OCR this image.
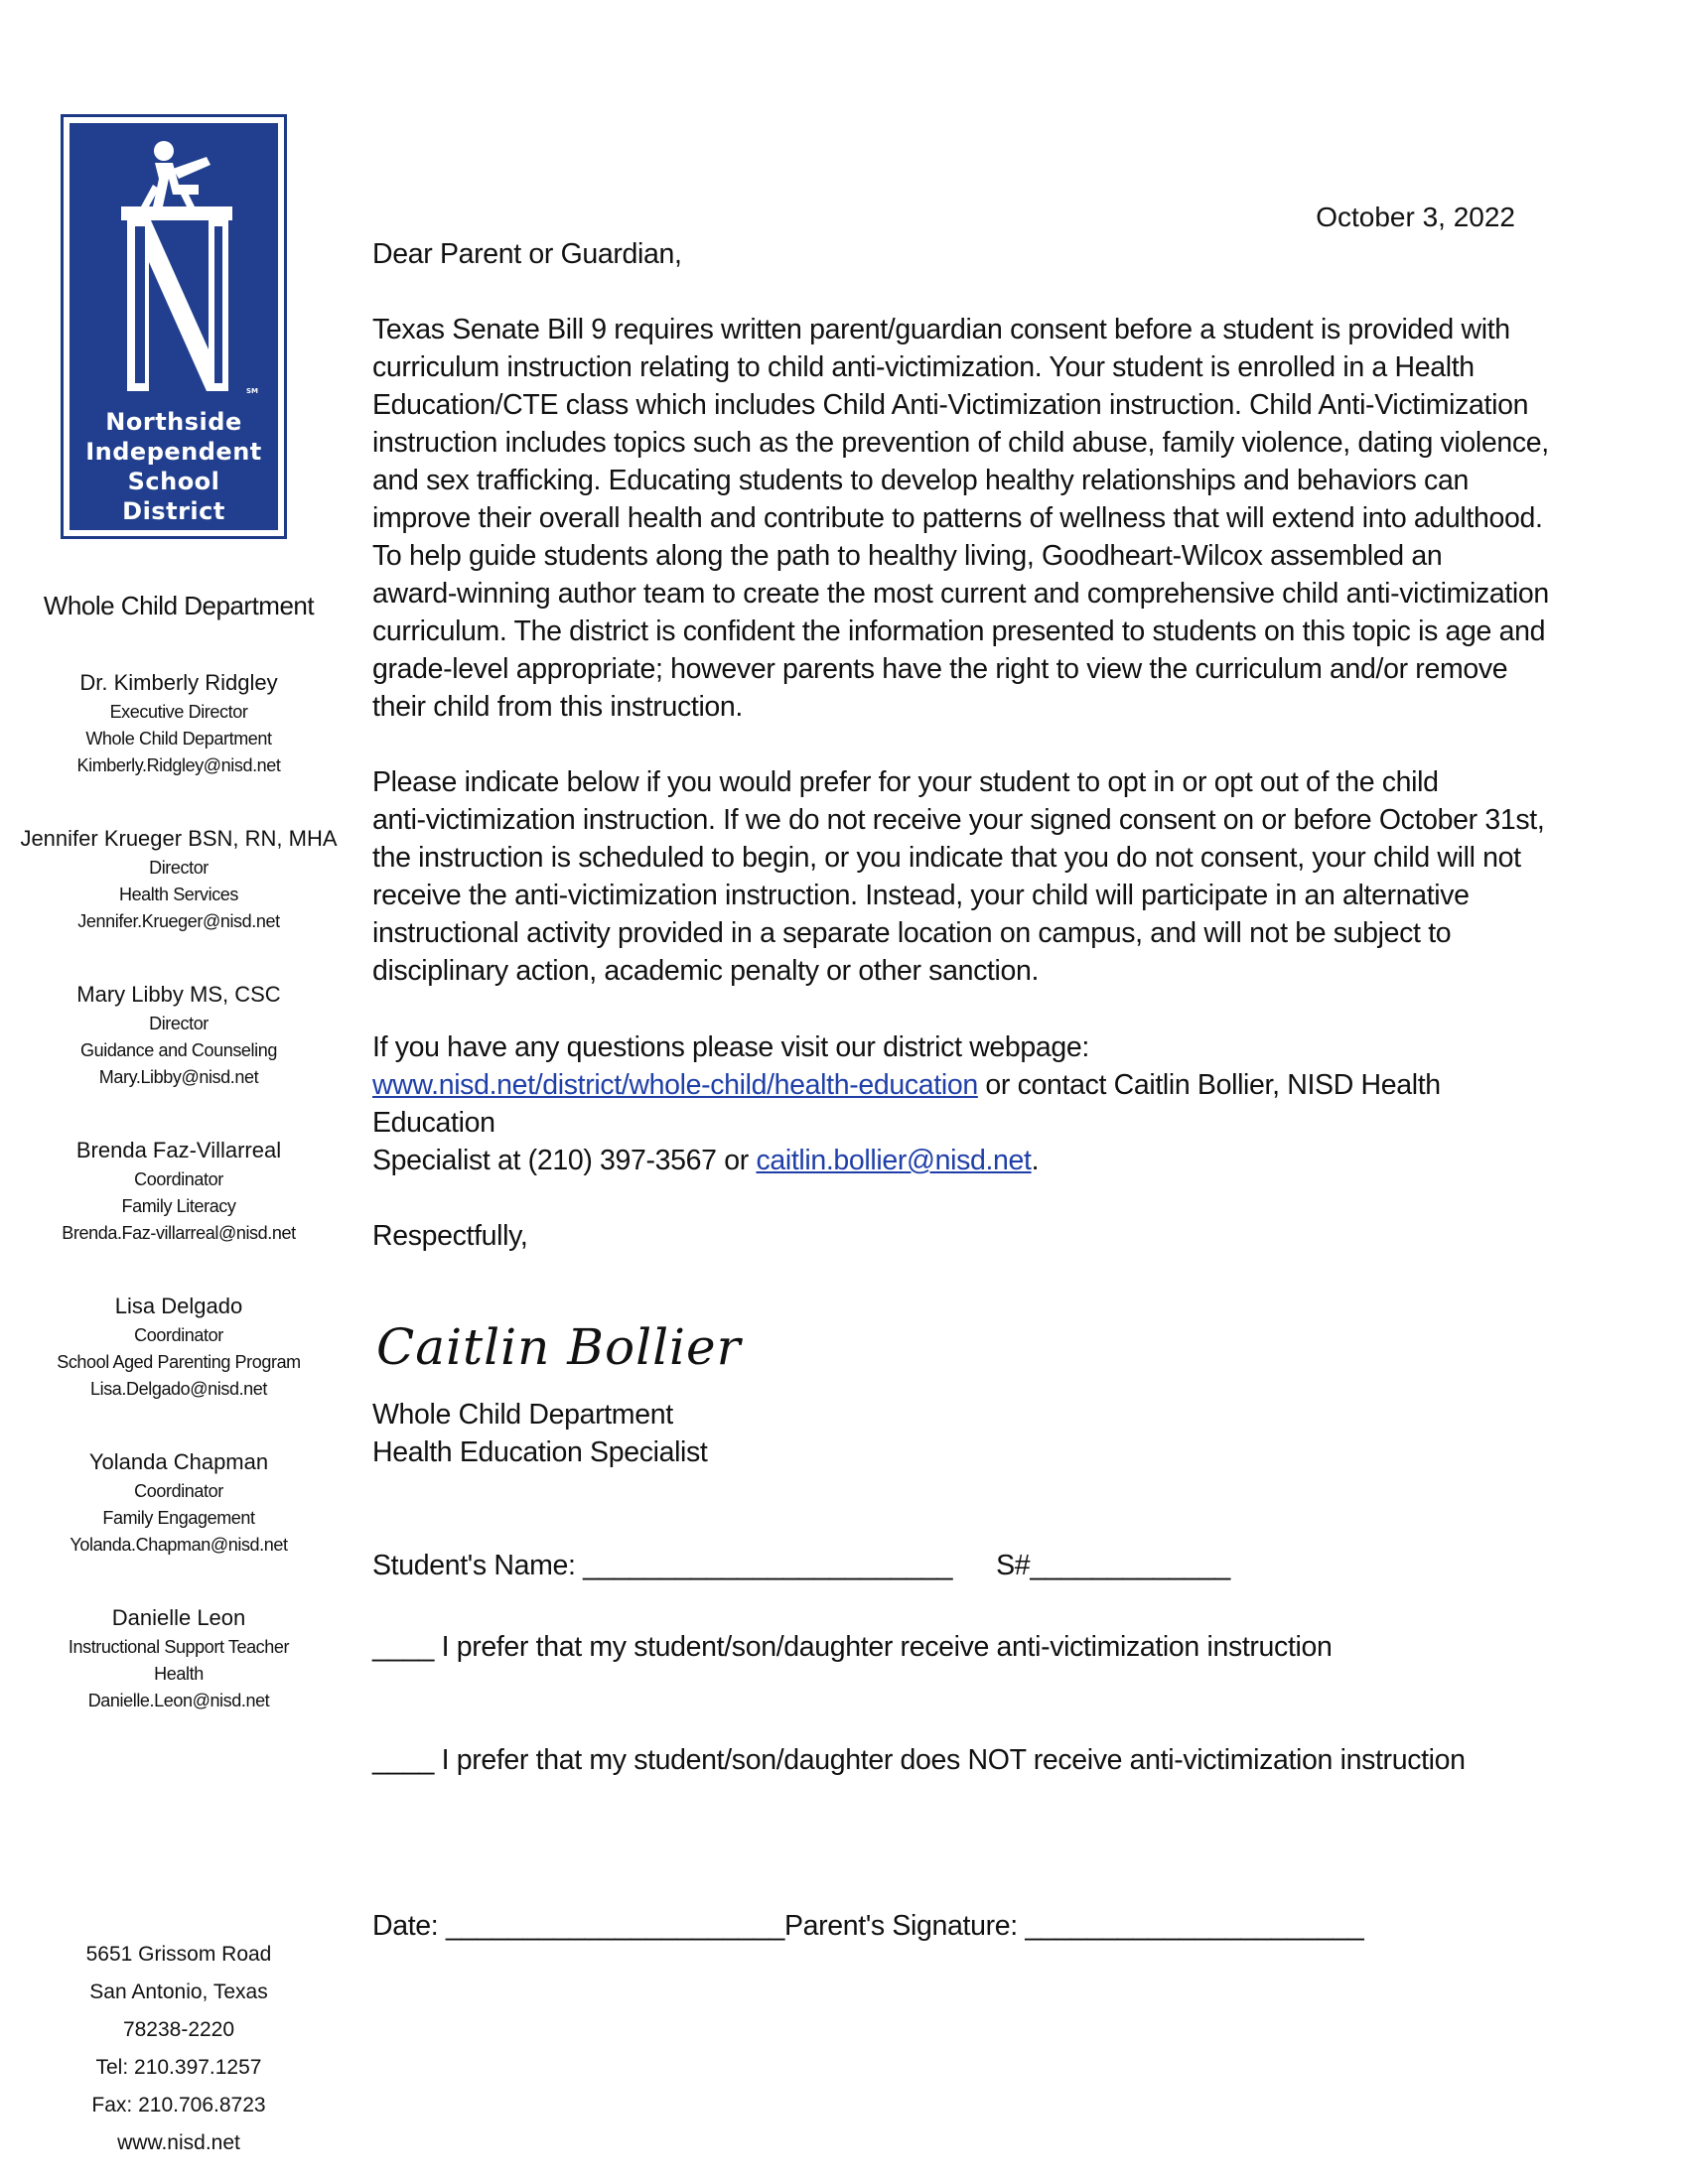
SM
Northside
Independent
School
District
Whole Child Department
Dr. Kimberly Ridgley
Executive Director
Whole Child Department
Kimberly.Ridgley@nisd.net
Jennifer Krueger BSN, RN, MHA
Director
Health Services
Jennifer.Krueger@nisd.net
Mary Libby MS, CSC
Director
Guidance and Counseling
Mary.Libby@nisd.net
Brenda Faz-Villarreal
Coordinator
Family Literacy
Brenda.Faz-villarreal@nisd.net
Lisa Delgado
Coordinator
School Aged Parenting Program
Lisa.Delgado@nisd.net
Yolanda Chapman
Coordinator
Family Engagement
Yolanda.Chapman@nisd.net
Danielle Leon
Instructional Support Teacher
Health
Danielle.Leon@nisd.net
5651 Grissom Road
San Antonio, Texas
78238-2220
Tel: 210.397.1257
Fax: 210.706.8723
www.nisd.net
October 3, 2022
Dear Parent or Guardian,
Texas Senate Bill 9 requires written parent/guardian consent before a student is provided with
curriculum instruction relating to child anti-victimization. Your student is enrolled in a Health
Education/CTE class which includes Child Anti-Victimization instruction. Child Anti-Victimization
instruction includes topics such as the prevention of child abuse, family violence, dating violence,
and sex trafficking. Educating students to develop healthy relationships and behaviors can
improve their overall health and contribute to patterns of wellness that will extend into adulthood.
To help guide students along the path to healthy living, Goodheart-Wilcox assembled an
award-winning author team to create the most current and comprehensive child anti-victimization
curriculum. The district is confident the information presented to students on this topic is age and
grade-level appropriate; however parents have the right to view the curriculum and/or remove
their child from this instruction.
Please indicate below if you would prefer for your student to opt in or opt out of the child
anti-victimization instruction. If we do not receive your signed consent on or before October 31st,
the instruction is scheduled to begin, or you indicate that you do not consent, your child will not
receive the anti-victimization instruction. Instead, your child will participate in an alternative
instructional activity provided in a separate location on campus, and will not be subject to
disciplinary action, academic penalty or other sanction.
If you have any questions please visit our district webpage:
www.nisd.net/district/whole-child/health-education or contact Caitlin Bollier, NISD Health Education
Specialist at (210) 397-3567 or caitlin.bollier@nisd.net.
Respectfully,
Caitlin Bollier
Whole Child Department
Health Education Specialist
Student's Name: ________________________ S#_____________
____ I prefer that my student/son/daughter receive anti-victimization instruction
____ I prefer that my student/son/daughter does NOT receive anti-victimization instruction
Date: ______________________Parent's Signature: ______________________
